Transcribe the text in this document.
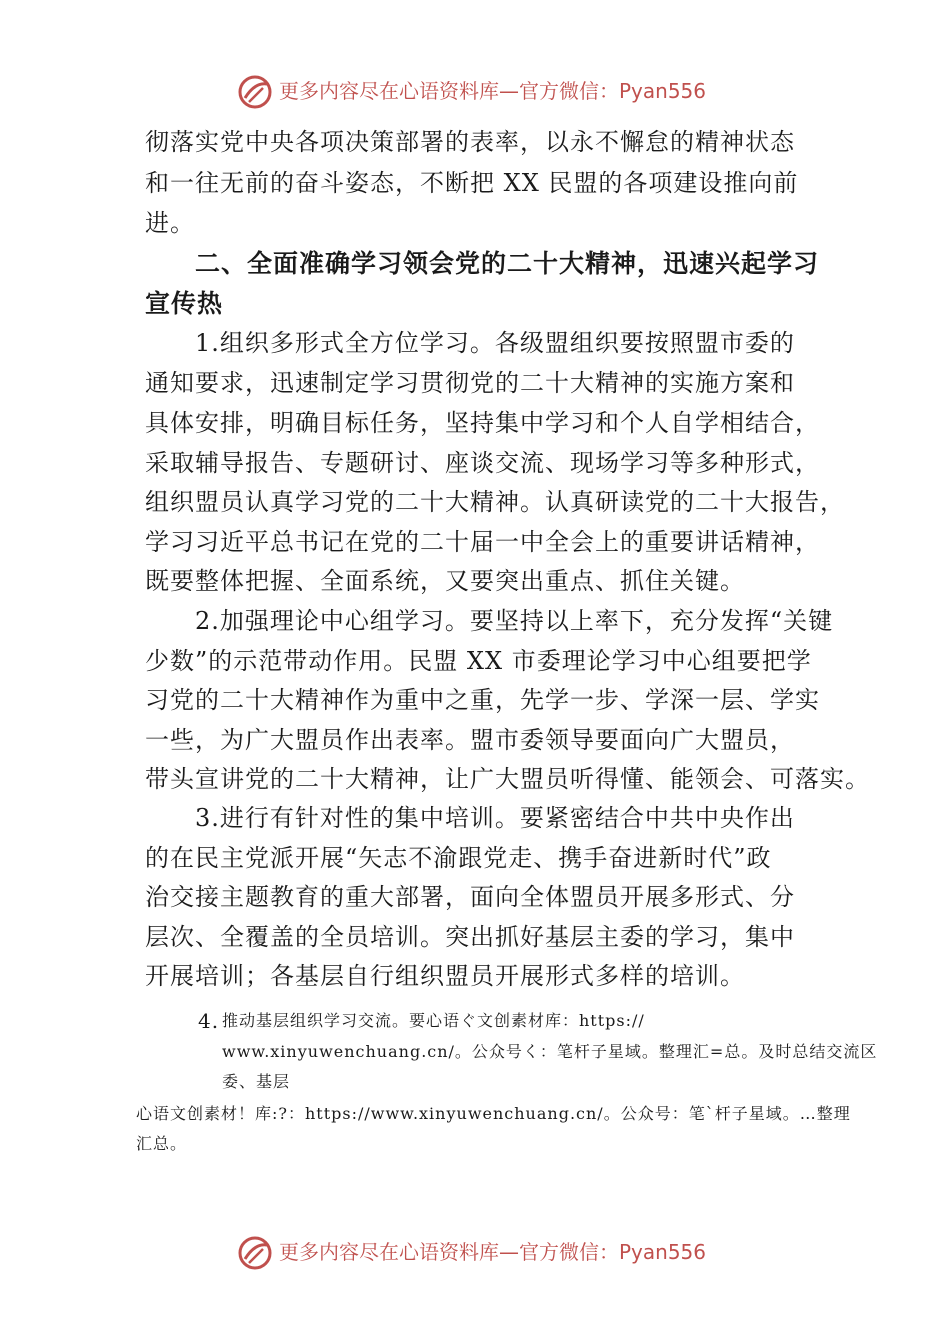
更多内容尽在心语资料库—官方微信：Pyan556
彻落实党中央各项决策部署的表率，以永不懈怠的精神状态
和一往无前的奋斗姿态，不断把 XX 民盟的各项建设推向前
进。
二、全面准确学习领会党的二十大精神，迅速兴起学习
宣传热
1.组织多形式全方位学习。各级盟组织要按照盟市委的
通知要求，迅速制定学习贯彻党的二十大精神的实施方案和
具体安排，明确目标任务，坚持集中学习和个人自学相结合，
采取辅导报告、专题研讨、座谈交流、现场学习等多种形式，
组织盟员认真学习党的二十大精神。认真研读党的二十大报告，
学习习近平总书记在党的二十届一中全会上的重要讲话精神，
既要整体把握、全面系统，又要突出重点、抓住关键。
2.加强理论中心组学习。要坚持以上率下，充分发挥“关键
少数”的示范带动作用。民盟 XX 市委理论学习中心组要把学
习党的二十大精神作为重中之重，先学一步、学深一层、学实
一些，为广大盟员作出表率。盟市委领导要面向广大盟员，
带头宣讲党的二十大精神，让广大盟员听得懂、能领会、可落实。
3.进行有针对性的集中培训。要紧密结合中共中央作出
的在民主党派开展“矢志不渝跟党走、携手奋进新时代”政
治交接主题教育的重大部署，面向全体盟员开展多形式、分
层次、全覆盖的全员培训。突出抓好基层主委的学习，集中
开展培训；各基层自行组织盟员开展形式多样的培训。
4. 推动基层组织学习交流。要心语ぐ文创素材库：https://
www.xinyuwenchuang.cn/。公众号く：笔杆子星域。整理汇=总。及时总结交流区
委、基层
心语文创素材！库:?：https://www.xinyuwenchuang.cn/。公众号：笔`杆子星域。…整理
汇总。
更多内容尽在心语资料库—官方微信：Pyan556
